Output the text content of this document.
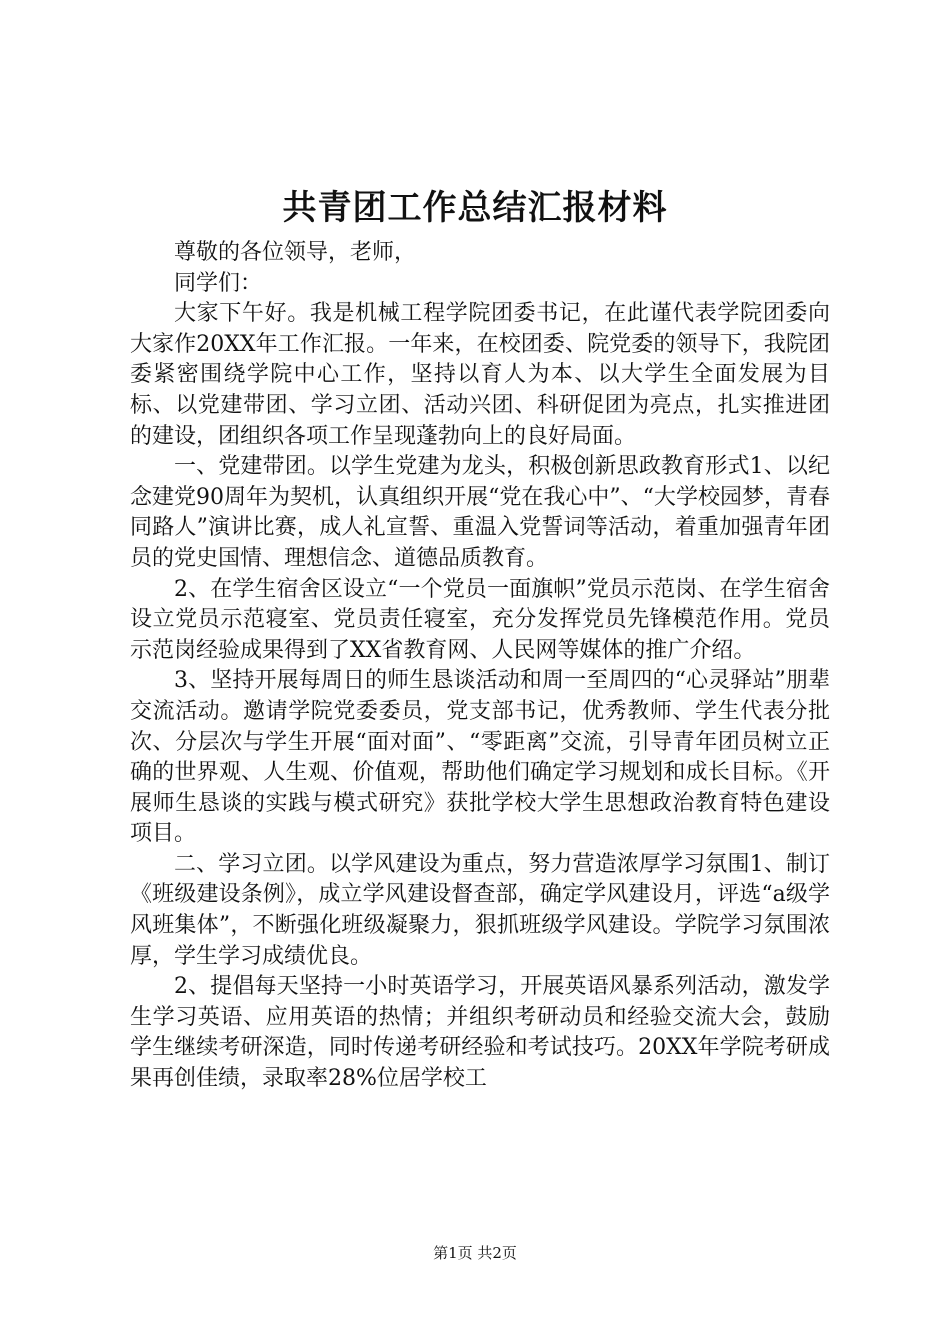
共青团工作总结汇报材料

尊敬的各位领导，老师，

同学们：

大家下午好。我是机械工程学院团委书记，在此谨代表学院团委向大家作20XX年工作汇报。一年来，在校团委、院党委的领导下，我院团委紧密围绕学院中心工作，坚持以育人为本、以大学生全面发展为目标、以党建带团、学习立团、活动兴团、科研促团为亮点，扎实推进团的建设，团组织各项工作呈现蓬勃向上的良好局面。

一、党建带团。以学生党建为龙头，积极创新思政教育形式1、以纪念建党90周年为契机，认真组织开展“党在我心中”、“大学校园梦，青春同路人”演讲比赛，成人礼宣誓、重温入党誓词等活动，着重加强青年团员的党史国情、理想信念、道德品质教育。

2、在学生宿舍区设立“一个党员一面旗帜”党员示范岗、在学生宿舍设立党员示范寝室、党员责任寝室，充分发挥党员先锋模范作用。党员示范岗经验成果得到了XX省教育网、人民网等媒体的推广介绍。

3、坚持开展每周日的师生恳谈活动和周一至周四的“心灵驿站”朋辈交流活动。邀请学院党委委员，党支部书记，优秀教师、学生代表分批次、分层次与学生开展“面对面”、“零距离”交流，引导青年团员树立正确的世界观、人生观、价值观，帮助他们确定学习规划和成长目标。《开展师生恳谈的实践与模式研究》获批学校大学生思想政治教育特色建设项目。

二、学习立团。以学风建设为重点，努力营造浓厚学习氛围1、制订《班级建设条例》，成立学风建设督查部，确定学风建设月，评选“a级学风班集体”，不断强化班级凝聚力，狠抓班级学风建设。学院学习氛围浓厚，学生学习成绩优良。

2、提倡每天坚持一小时英语学习，开展英语风暴系列活动，激发学生学习英语、应用英语的热情；并组织考研动员和经验交流大会，鼓励学生继续考研深造，同时传递考研经验和考试技巧。20XX年学院考研成果再创佳绩，录取率28%位居学校工

第1页 共2页
